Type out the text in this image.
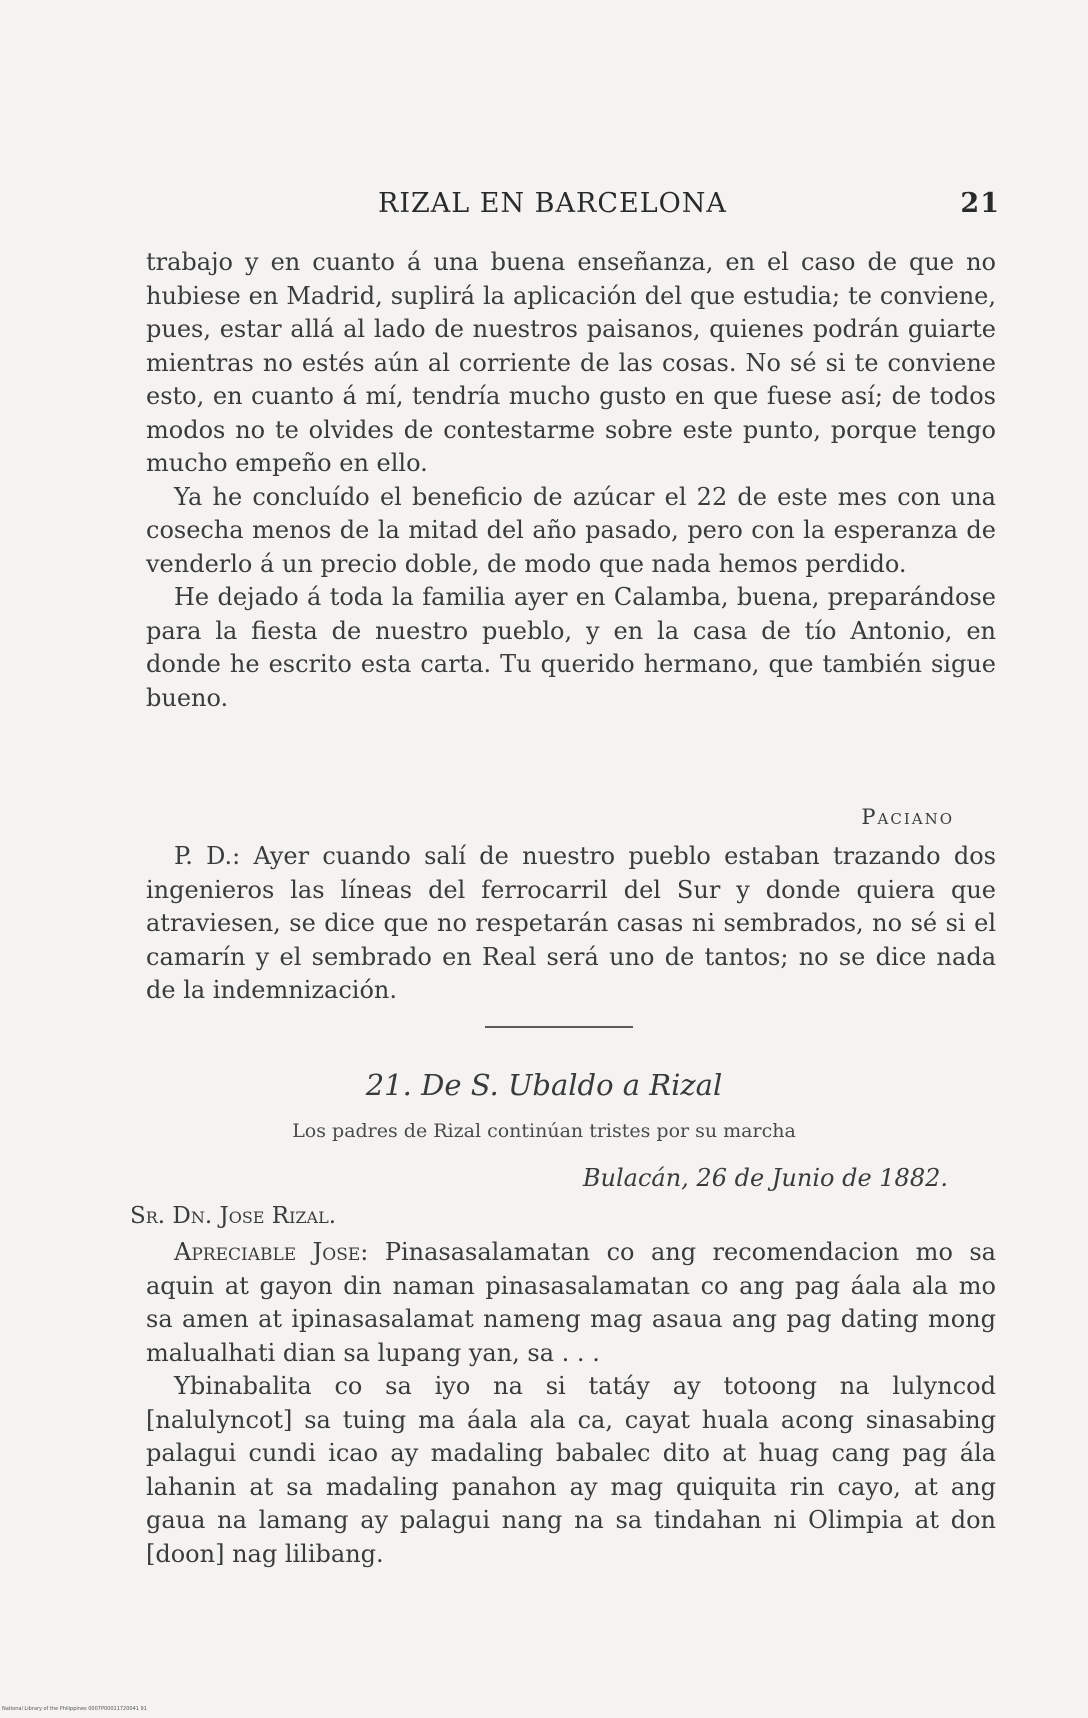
RIZAL EN BARCELONA	21

trabajo y en cuanto á una buena enseñanza, en el caso de que no hubiese en Madrid, suplirá la aplicación del que estudia; te conviene, pues, estar allá al lado de nuestros paisanos, quienes podrán guiarte mientras no estés aún al corriente de las cosas. No sé si te conviene esto, en cuanto á mí, tendría mucho gusto en que fuese así; de todos modos no te olvides de contestarme sobre este punto, porque tengo mucho empeño en ello.

Ya he concluído el beneficio de azúcar el 22 de este mes con una cosecha menos de la mitad del año pasado, pero con la esperanza de venderlo á un precio doble, de modo que nada hemos perdido.

He dejado á toda la familia ayer en Calamba, buena, preparándose para la fiesta de nuestro pueblo, y en la casa de tío Antonio, en donde he escrito esta carta. Tu querido hermano, que también sigue bueno.

Paciano

P. D.: Ayer cuando salí de nuestro pueblo estaban trazando dos ingenieros las líneas del ferrocarril del Sur y donde quiera que atraviesen, se dice que no respetarán casas ni sembrados, no sé si el camarín y el sembrado en Real será uno de tantos; no se dice nada de la indemnización.

21. De S. Ubaldo a Rizal
Los padres de Rizal continúan tristes por su marcha
Bulacán, 26 de Junio de 1882.
Sr. Dn. Jose Rizal.

Apreciable Jose: Pinasasalamatan co ang recomendacion mo sa aquin at gayon din naman pinasasalamatan co ang pag áala ala mo sa amen at ipinasasalamat nameng mag asaua ang pag dating mong malualhati dian sa lupang yan, sa . . .

Ybinabalita co sa iyo na si tatáy ay totoong na lulуncod [nalulуncot] sa tuing ma áala ala ca, cayat huala acong sinasabing palagui cundi icao ay madaling babalec dito at huag cang pag ála lahanin at sa madaling panahon ay mag quiquita rin cayo, at ang gaua na lamang ay palagui nang na sa tindahan ni Olimpia at don [doon] nag lilibang.

National Library of the Philippines 0007P00011720041 91
